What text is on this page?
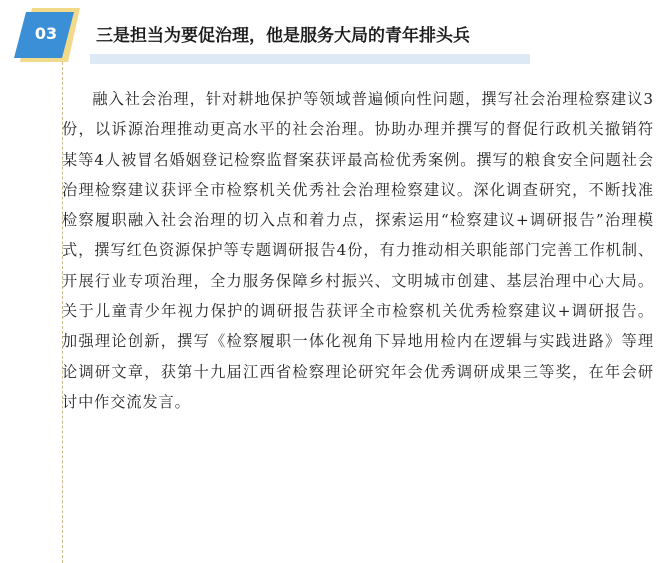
03	三是担当为要促治理，他是服务大局的青年排头兵

融入社会治理，针对耕地保护等领域普遍倾向性问题，撰写社会治理检察建议3份，以诉源治理推动更高水平的社会治理。协助办理并撰写的督促行政机关撤销符某等4人被冒名婚姻登记检察监督案获评最高检优秀案例。撰写的粮食安全问题社会治理检察建议获评全市检察机关优秀社会治理检察建议。深化调查研究，不断找准检察履职融入社会治理的切入点和着力点，探索运用“检察建议+调研报告”治理模式，撰写红色资源保护等专题调研报告4份，有力推动相关职能部门完善工作机制、开展行业专项治理，全力服务保障乡村振兴、文明城市创建、基层治理中心大局。关于儿童青少年视力保护的调研报告获评全市检察机关优秀检察建议+调研报告。加强理论创新，撰写《检察履职一体化视角下异地用检内在逻辑与实践进路》等理论调研文章，获第十九届江西省检察理论研究年会优秀调研成果三等奖，在年会研讨中作交流发言。
